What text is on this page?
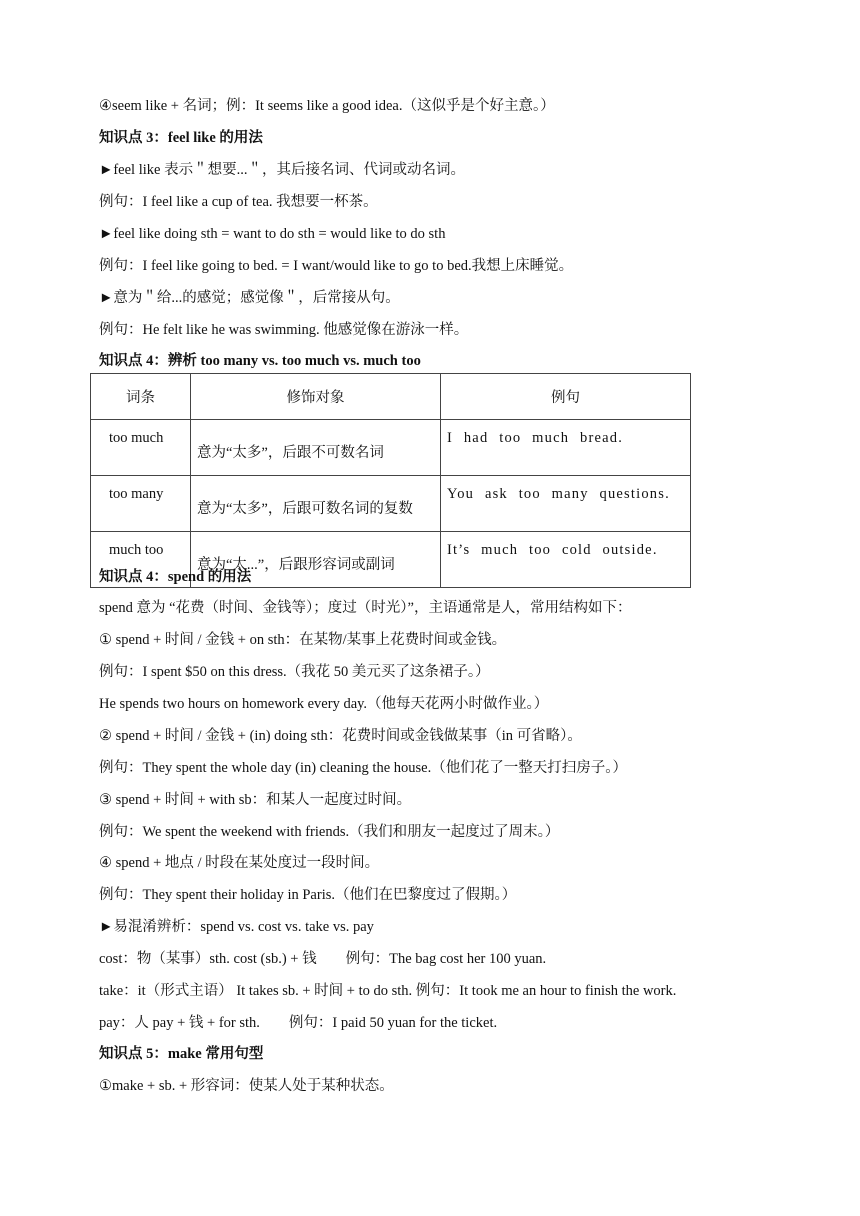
④seem like + 名词；例：It seems like a good idea.（这似乎是个好主意。）
知识点 3：feel like 的用法
►feel like 表示＂想要...＂，其后接名词、代词或动名词。
例句：I feel like a cup of tea. 我想要一杯茶。
►feel like doing sth = want to do sth = would like to do sth
例句：I feel like going to bed. = I want/would like to go to bed.我想上床睡觉。
►意为＂给...的感觉；感觉像＂，后常接从句。
例句：He felt like he was swimming. 他感觉像在游泳一样。
知识点 4：辨析 too many vs. too much vs. much too
词条	修饰对象	例句
too much	意为“太多”，后跟不可数名词	I had too much bread.
too many	意为“太多”，后跟可数名词的复数	You ask too many questions.
much too	意为“太...”，后跟形容词或副词	It’s much too cold outside.
知识点 4：spend 的用法
spend 意为 “花费（时间、金钱等）；度过（时光）”，主语通常是人，常用结构如下：
① spend + 时间 / 金钱 + on sth：在某物/某事上花费时间或金钱。
例句：I spent $50 on this dress.（我花 50 美元买了这条裙子。）
He spends two hours on homework every day.（他每天花两小时做作业。）
② spend + 时间 / 金钱 + (in) doing sth：花费时间或金钱做某事（in 可省略）。
例句：They spent the whole day (in) cleaning the house.（他们花了一整天打扫房子。）
③ spend + 时间 + with sb：和某人一起度过时间。
例句：We spent the weekend with friends.（我们和朋友一起度过了周末。）
④ spend + 地点 / 时段在某处度过一段时间。
例句：They spent their holiday in Paris.（他们在巴黎度过了假期。）
►易混淆辨析：spend vs. cost vs. take vs. pay
cost：物（某事）sth. cost (sb.) + 钱　　例句：The bag cost her 100 yuan.
take：it（形式主语） It takes sb. + 时间 + to do sth. 例句：It took me an hour to finish the work.
pay：人 pay + 钱 + for sth.　　例句：I paid 50 yuan for the ticket.
知识点 5：make 常用句型
①make + sb. + 形容词：使某人处于某种状态。
